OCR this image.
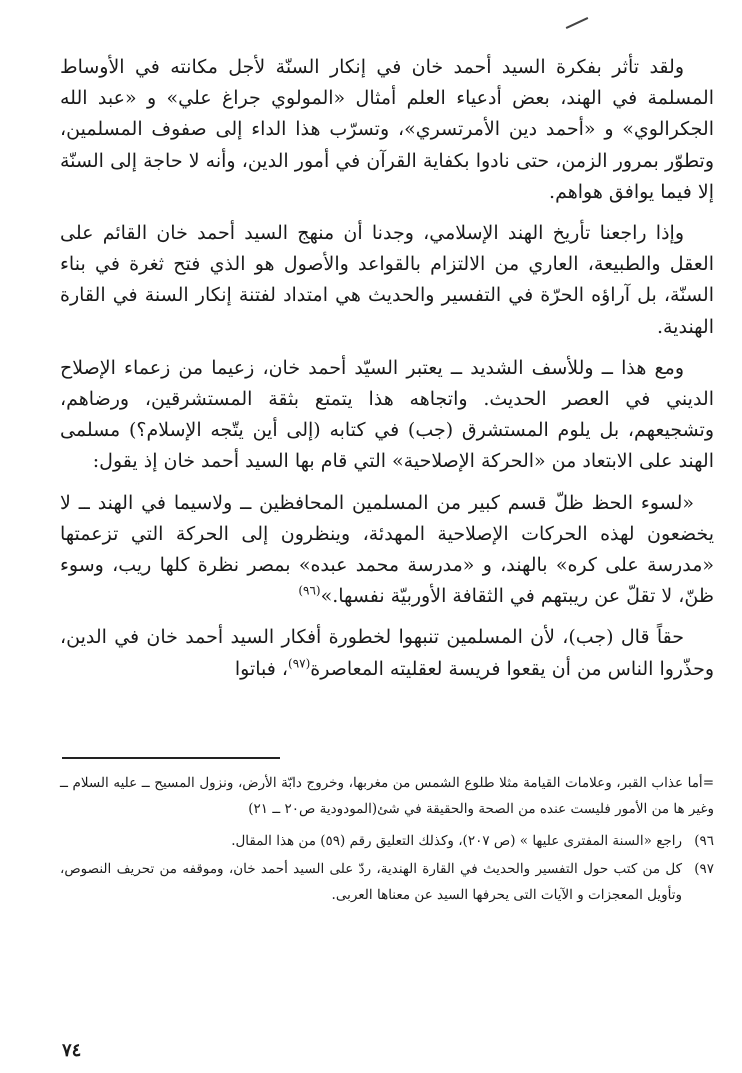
ولقد تأثر بفكرة السيد أحمد خان في إنكار السنّة لأجل مكانته في الأوساط المسلمة في الهند، بعض أدعياء العلم أمثال «المولوي جراغ علي» و «عبد الله الجكرالوي» و «أحمد دين الأمرتسري»، وتسرّب هذا الداء إلى صفوف المسلمين، وتطوّر بمرور الزمن، حتى نادوا بكفاية القرآن في أمور الدين، وأنه لا حاجة إلى السنّة إلا فيما يوافق هواهم.

وإذا راجعنا تأريخ الهند الإسلامي، وجدنا أن منهج السيد أحمد خان القائم على العقل والطبيعة، العاري من الالتزام بالقواعد والأصول هو الذي فتح ثغرة في بناء السنّة، بل آراؤه الحرّة في التفسير والحديث هي امتداد لفتنة إنكار السنة في القارة الهندية.

ومع هذا ــ وللأسف الشديد ــ يعتبر السيّد أحمد خان، زعيما من زعماء الإصلاح الديني في العصر الحديث. واتجاهه هذا يتمتع بثقة المستشرقين، ورضاهم، وتشجيعهم، بل يلوم المستشرق (جب) في كتابه (إلى أين يتّجه الإسلام؟) مسلمى الهند على الابتعاد من «الحركة الإصلاحية» التي قام بها السيد أحمد خان إذ يقول:

«لسوء الحظ ظلّ قسم كبير من المسلمين المحافظين ــ ولاسيما في الهند ــ لا يخضعون لهذه الحركات الإصلاحية المهدئة، وينظرون إلى الحركة التي تزعمتها «مدرسة على كره» بالهند، و «مدرسة محمد عبده» بمصر نظرة كلها ريب، وسوء ظنّ، لا تقلّ عن ريبتهم في الثقافة الأوربيّة نفسها.»$^{(٩٦)}$

حقاً قال (جب)، لأن المسلمين تنبهوا لخطورة أفكار السيد أحمد خان في الدين، وحذّروا الناس من أن يقعوا فريسة لعقليته المعاصرة$^{(٩٧)}$، فباتوا

=أما عذاب القبر، وعلامات القيامة مثلا طلوع الشمس من مغربها، وخروج دابّة الأرض، ونزول المسيح ــ عليه السلام ــ وغير ها من الأمور فليست عنده من الصحة والحقيقة في شئ(المودودية ص٢٠ ــ ٢١)
٩٦)
راجع «السنة المفترى عليها » (ص ٢٠٧)، وكذلك التعليق رقم (٥٩) من هذا المقال.
٩٧)
كل من كتب حول التفسير والحديث في القارة الهندية، ردّ على السيد أحمد خان، وموقفه من تحريف النصوص، وتأويل المعجزات و الآيات التى يحرفها السيد عن معناها العربى.
٧٤
